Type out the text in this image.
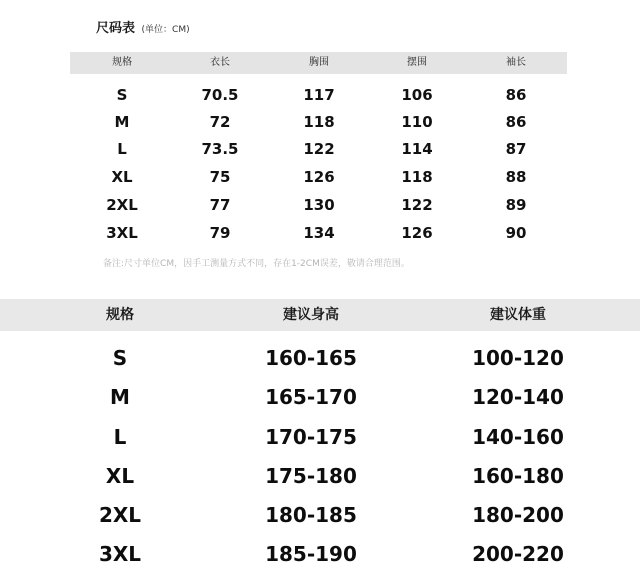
尺码表 (单位：CM)
规格	衣长	胸围	摆围	袖长
S	70.5	117	106	86
M	72	118	110	86
L	73.5	122	114	87
XL	75	126	118	88
2XL	77	130	122	89
3XL	79	134	126	90
备注:尺寸单位CM，因手工测量方式不同，存在1-2CM误差，敬请合理范围。
规格	建议身高	建议体重
S	160-165	100-120
M	165-170	120-140
L	170-175	140-160
XL	175-180	160-180
2XL	180-185	180-200
3XL	185-190	200-220
